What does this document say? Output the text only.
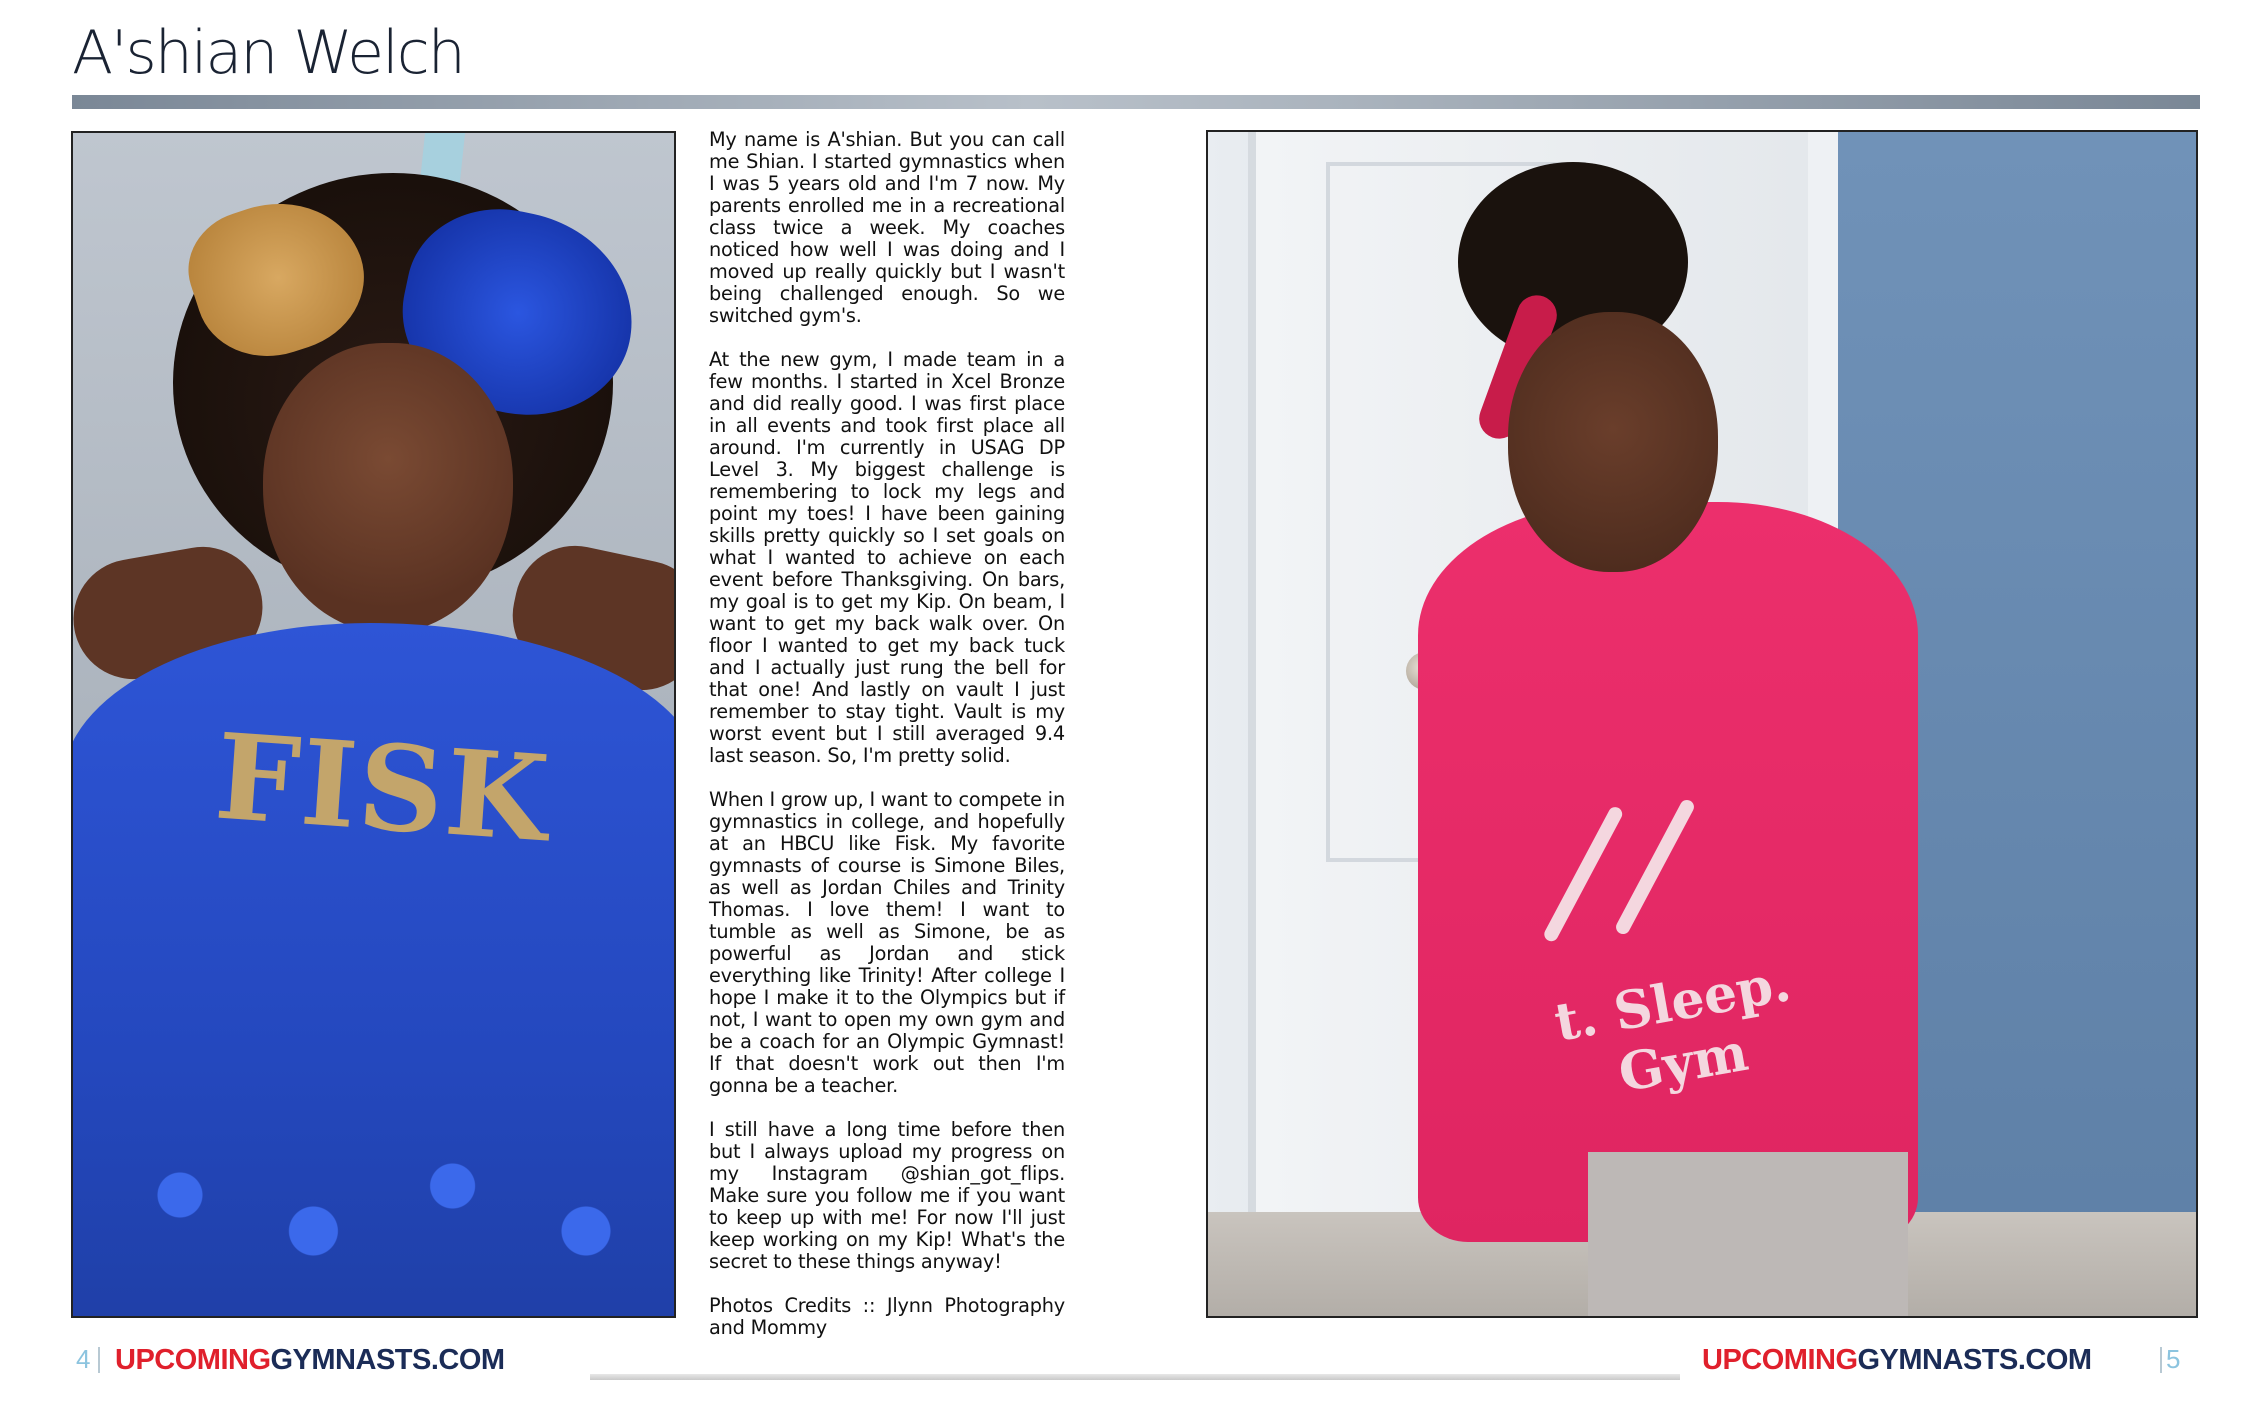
A'shian Welch
FISK
t. Sleep. Gym

My name is A'shian. But you can call me Shian. I started gymnastics when I was 5 years old and I'm 7 now. My parents enrolled me in a recreational class twice a week. My coaches noticed how well I was doing and I moved up really quickly but I wasn't being challenged enough. So we switched gym's.

At the new gym, I made team in a few months. I started in Xcel Bronze and did really good. I was first place in all events and took first place all around. I'm currently in USAG DP Level 3. My biggest challenge is remembering to lock my legs and point my toes! I have been gaining skills pretty quickly so I set goals on what I wanted to achieve on each event before Thanksgiving. On bars, my goal is to get my Kip. On beam, I want to get my back walk over. On floor I wanted to get my back tuck and I actually just rung the bell for that one! And lastly on vault I just remember to stay tight. Vault is my worst event but I still averaged 9.4 last season. So, I'm pretty solid.

When I grow up, I want to compete in gymnastics in college, and hopefully at an HBCU like Fisk. My favorite gymnasts of course is Simone Biles, as well as Jordan Chiles and Trinity Thomas. I love them! I want to tumble as well as Simone, be as powerful as Jordan and stick everything like Trinity! After college I hope I make it to the Olympics but if not, I want to open my own gym and be a coach for an Olympic Gymnast! If that doesn't work out then I'm gonna be a teacher.

I still have a long time before then but I always upload my progress on my Instagram @shian_got_flips. Make sure you follow me if you want to keep up with me! For now I'll just keep working on my Kip! What's the secret to these things anyway!

Photos Credits :: Jlynn Photography and Mommy

4 UPCOMINGGYMNASTS.COM	UPCOMINGGYMNASTS.COM	5
